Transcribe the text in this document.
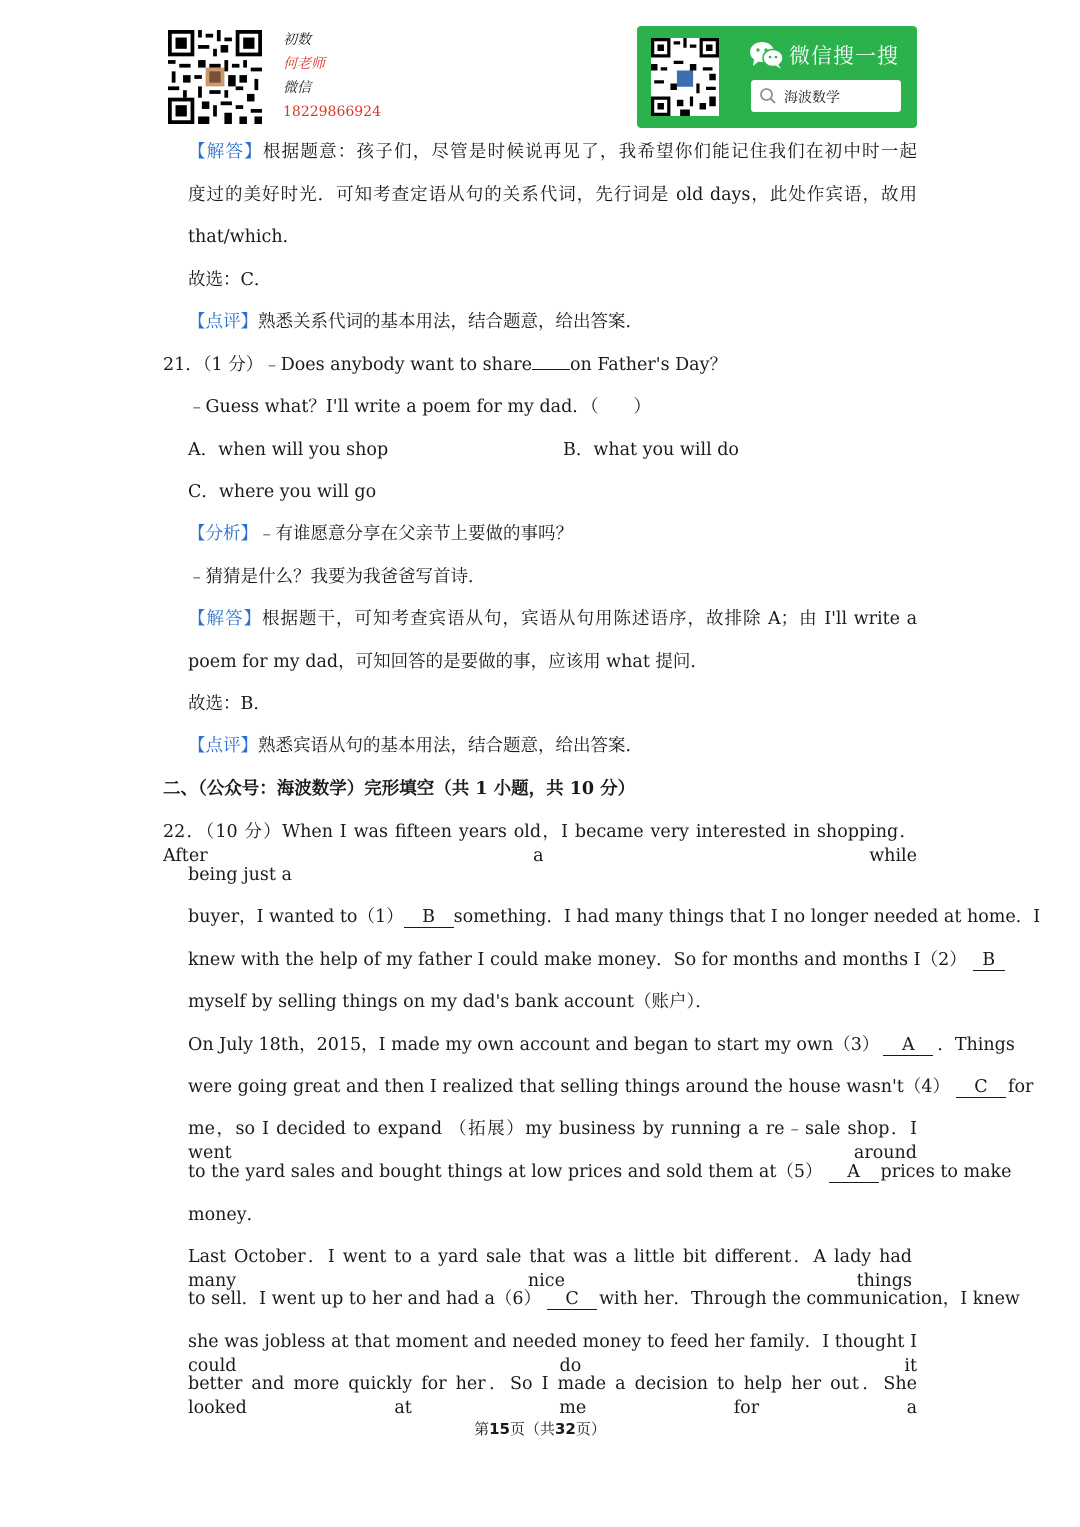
初数
何老师
微信
18229866924
微信搜一搜
海波数学
【解答】根据题意：孩子们，尽管是时候说再见了，我希望你们能记住我们在初中时一起
度过的美好时光．可知考查定语从句的关系代词，先行词是 old days，此处作宾语，故用
that/which．
故选：C．
【点评】熟悉关系代词的基本用法，结合题意，给出答案．
21．（1 分）﹣Does anybody want to share on Father's Day？
﹣Guess what？I'll write a poem for my dad．（　　）
A．when will you shop	B．what you will do
C．where you will go
【分析】﹣有谁愿意分享在父亲节上要做的事吗？
﹣猜猜是什么？我要为我爸爸写首诗．
【解答】根据题干，可知考查宾语从句，宾语从句用陈述语序，故排除 A；由 I'll write a
poem for my dad，可知回答的是要做的事，应该用 what 提问．
故选：B．
【点评】熟悉宾语从句的基本用法，结合题意，给出答案．
二、（公众号：海波数学）完形填空（共 1 小题，共 10 分）
22．（10 分）When I was fifteen years old，I became very interested in shopping．After a while
being just a
buyer，I wanted to（1） B something．I had many things that I no longer needed at home．I
knew with the help of my father I could make money．So for months and months I（2） B
myself by selling things on my dad's bank account（账户）．
On July 18th，2015，I made my own account and began to start my own（3） A ．Things
were going great and then I realized that selling things around the house wasn't（4） C for
me，so I decided to expand （拓展）my business by running a re﹣sale shop．I went around
to the yard sales and bought things at low prices and sold them at（5） A prices to make
money．
Last October．I went to a yard sale that was a little bit different．A lady had many nice things
to sell．I went up to her and had a（6） C with her．Through the communication，I knew
she was jobless at that moment and needed money to feed her family．I thought I could do it
better and more quickly for her．So I made a decision to help her out．She looked at me for a
第15页（共32页）
